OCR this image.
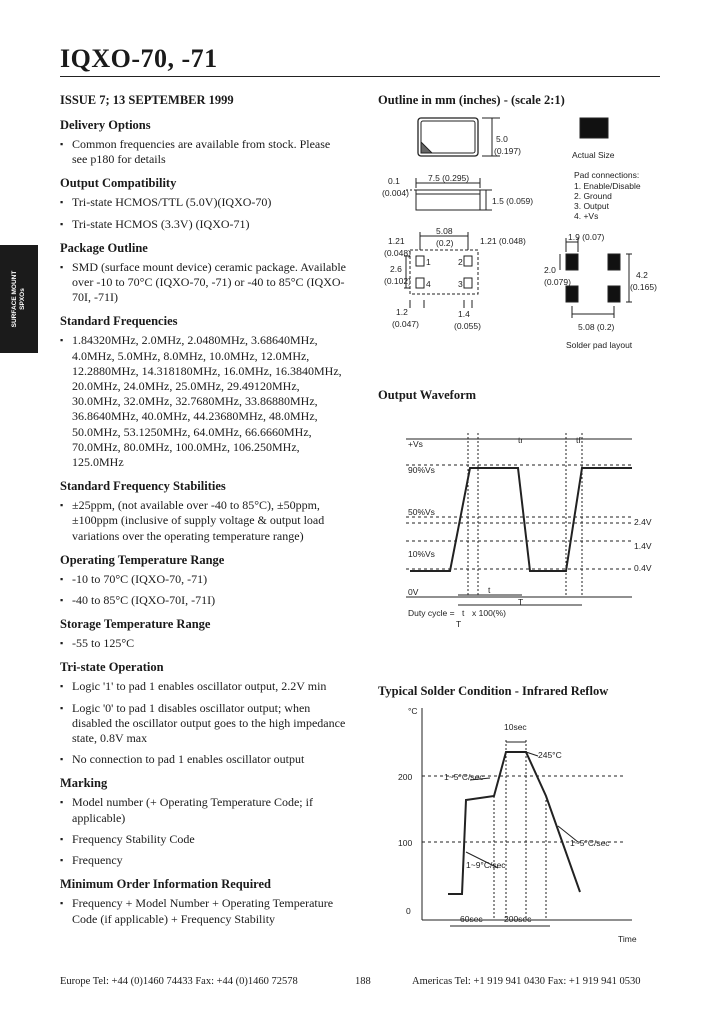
IQXO-70, -71
ISSUE 7; 13 SEPTEMBER 1999
SURFACE MOUNT SPXOs
Delivery Options
▪ Common frequencies are available from stock. Please see p180 for details
Output Compatibility
▪ Tri-state HCMOS/TTL (5.0V)(IQXO-70)
▪ Tri-state HCMOS (3.3V) (IQXO-71)
Package Outline
▪ SMD (surface mount device) ceramic package. Available over -10 to 70°C (IQXO-70, -71) or -40 to 85°C (IQXO-70I, -71I)
Standard Frequencies
▪ 1.84320MHz, 2.0MHz, 2.0480MHz, 3.68640MHz, 4.0MHz, 5.0MHz, 8.0MHz, 10.0MHz, 12.0MHz, 12.2880MHz, 14.318180MHz, 16.0MHz, 16.3840MHz, 20.0MHz, 24.0MHz, 25.0MHz, 29.49120MHz, 30.0MHz, 32.0MHz, 32.7680MHz, 33.86880MHz, 36.8640MHz, 40.0MHz, 44.23680MHz, 48.0MHz, 50.0MHz, 53.1250MHz, 64.0MHz, 66.6660MHz, 70.0MHz, 80.0MHz, 100.0MHz, 106.250MHz, 125.0MHz
Standard Frequency Stabilities
▪ ±25ppm, (not available over -40 to 85°C), ±50ppm, ±100ppm (inclusive of supply voltage & output load variations over the operating temperature range)
Operating Temperature Range
▪ -10 to 70°C (IQXO-70, -71)
▪ -40 to 85°C (IQXO-70I, -71I)
Storage Temperature Range
▪ -55 to 125°C
Tri-state Operation
▪ Logic '1' to pad 1 enables oscillator output, 2.2V min
▪ Logic '0' to pad 1 disables oscillator output; when disabled the oscillator output goes to the high impedance state, 0.8V max
▪ No connection to pad 1 enables oscillator output
Marking
▪ Model number (+ Operating Temperature Code; if applicable)
▪ Frequency Stability Code
▪ Frequency
Minimum Order Information Required
▪ Frequency + Model Number + Operating Temperature Code (if applicable) + Frequency Stability
Outline in mm (inches) - (scale 2:1)
Output Waveform
Typical Solder Condition - Infrared Reflow
5.0
(0.197)
7.5 (0.295)
0.1
(0.004)
1.5 (0.059)
5.08
(0.2)
1.21
(0.048)
1.21 (0.048)
2.6
(0.102)
1.2
(0.047)
1.4
(0.055)
1	2
3
4
Actual Size
Pad connections:
1. Enable/Disable
2. Ground
3. Output
4. +Vs
1.9 (0.07)
2.0
(0.079)
4.2
(0.165)
5.08 (0.2)
Solder pad layout
+Vs
90%Vs
50%Vs
10%Vs
0V
2.4V
1.4V
0.4V
tr	tf
t
T
Duty cycle = t x 100(%)
T
°C
200
100
0
Time
1~5°C/sec
1~9°C/sec
1~5°C/sec
10sec
245°C
60sec	200sec
Europe Tel: +44 (0)1460 74433 Fax: +44 (0)1460 72578	188	Americas Tel: +1 919 941 0430 Fax: +1 919 941 0530
